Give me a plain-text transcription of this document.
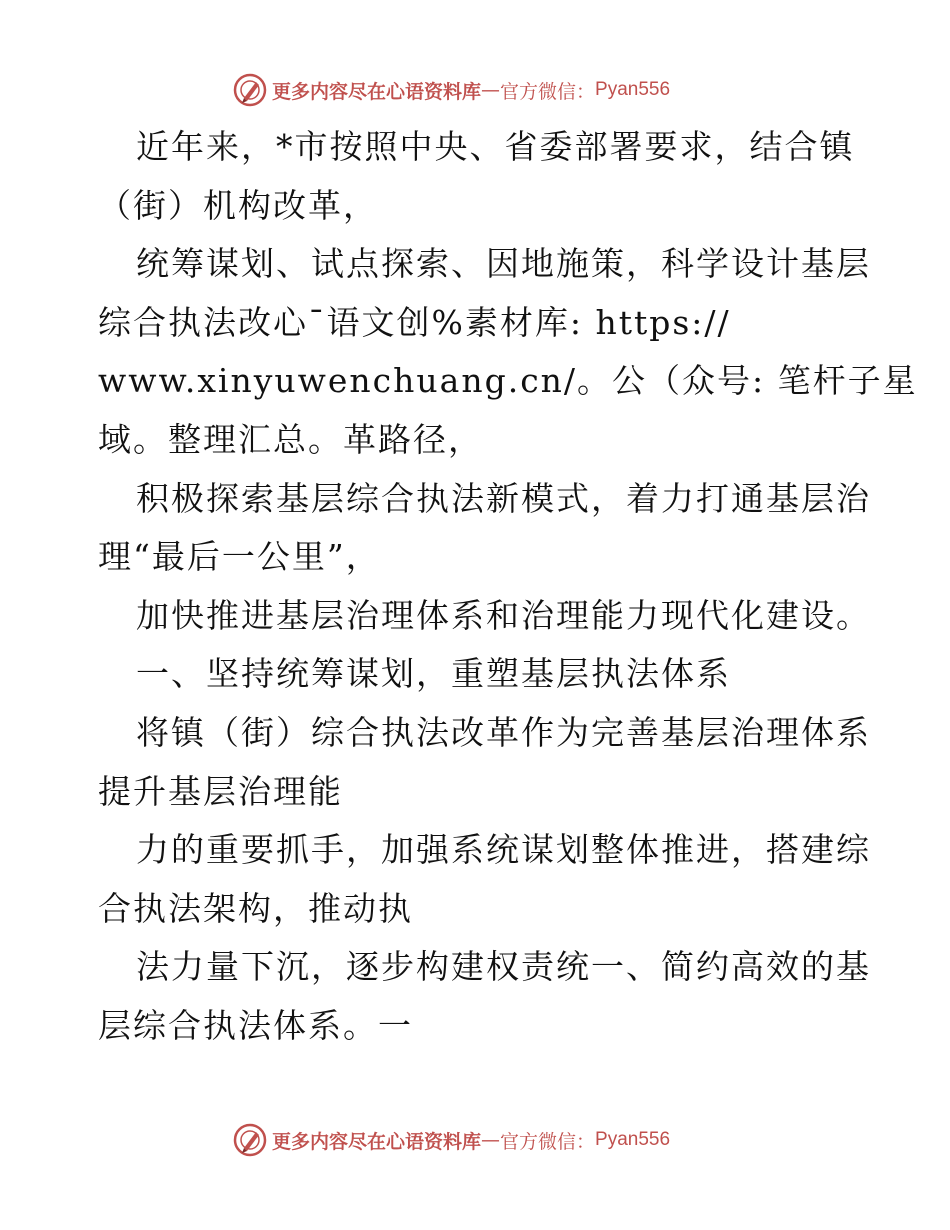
更多内容尽在心语资料库 — 官方微信： Pyan556
近年来，*市按照中央、省委部署要求，结合镇
（街）机构改革，
统筹谋划、试点探索、因地施策，科学设计基层
综合执法改心¯语文创%素材库: https://
www.xinyuwenchuang.cn/。公（众号: 笔杆子星
域。整理汇总。革路径，
积极探索基层综合执法新模式，着力打通基层治
理“最后一公里”，
加快推进基层治理体系和治理能力现代化建设。
一、坚持统筹谋划，重塑基层执法体系
将镇（街）综合执法改革作为完善基层治理体系
提升基层治理能
力的重要抓手，加强系统谋划整体推进，搭建综
合执法架构，推动执
法力量下沉，逐步构建权责统一、简约高效的基
层综合执法体系。一
更多内容尽在心语资料库 — 官方微信： Pyan556
